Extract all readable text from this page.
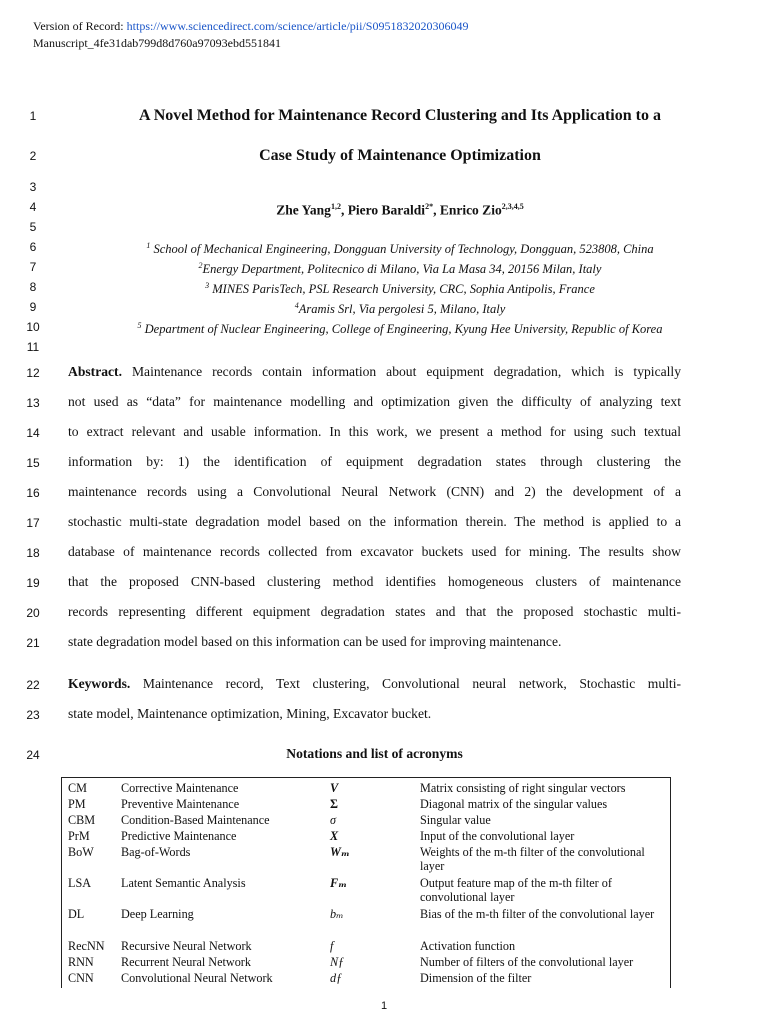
Version of Record: https://www.sciencedirect.com/science/article/pii/S0951832020306049
Manuscript_4fe31dab799d8d760a97093ebd551841
1
2
3
4
5
6
7
8
9
10
11
12
13
14
15
16
17
18
19
20
21
22
23
24
A Novel Method for Maintenance Record Clustering and Its Application to a
Case Study of Maintenance Optimization
Zhe Yang$^{1,2}$, Piero Baraldi$^{2*}$, Enrico Zio$^{2,3,4,5}$
$^1$ School of Mechanical Engineering, Dongguan University of Technology, Dongguan, 523808, China
$^2$Energy Department, Politecnico di Milano, Via La Masa 34, 20156 Milan, Italy
$^3$ MINES ParisTech, PSL Research University, CRC, Sophia Antipolis, France
$^4$Aramis Srl, Via pergolesi 5, Milano, Italy
$^5$ Department of Nuclear Engineering, College of Engineering, Kyung Hee University, Republic of Korea
Abstract. Maintenance records contain information about equipment degradation, which is typically
not used as “data” for maintenance modelling and optimization given the difficulty of analyzing text
to extract relevant and usable information. In this work, we present a method for using such textual
information by: 1) the identification of equipment degradation states through clustering the
maintenance records using a Convolutional Neural Network (CNN) and 2) the development of a
stochastic multi-state degradation model based on the information therein. The method is applied to a
database of maintenance records collected from excavator buckets used for mining. The results show
that the proposed CNN-based clustering method identifies homogeneous clusters of maintenance
records representing different equipment degradation states and that the proposed stochastic multi-
state degradation model based on this information can be used for improving maintenance.
Keywords. Maintenance record, Text clustering, Convolutional neural network, Stochastic multi-
state model, Maintenance optimization, Mining, Excavator bucket.
Notations and list of acronyms
CM	Corrective Maintenance	V	Matrix consisting of right singular vectors
PM	Preventive Maintenance	Σ	Diagonal matrix of the singular values
CBM Condition-Based Maintenance	σ	Singular value
PrM	Predictive Maintenance	X	Input of the convolutional layer
BoW Bag-of-Words	Wₘ	Weights of the m-th filter of the convolutional layer
LSA Latent Semantic Analysis	Fₘ	Output feature map of the m-th filter of convolutional layer
DL	Deep Learning	bₘ	Bias of the m-th filter of the convolutional layer
RecNN Recursive Neural Network	f	Activation function
RNN Recurrent Neural Network	Nƒ	Number of filters of the convolutional layer
CNN Convolutional Neural Network	dƒ	Dimension of the filter
1
